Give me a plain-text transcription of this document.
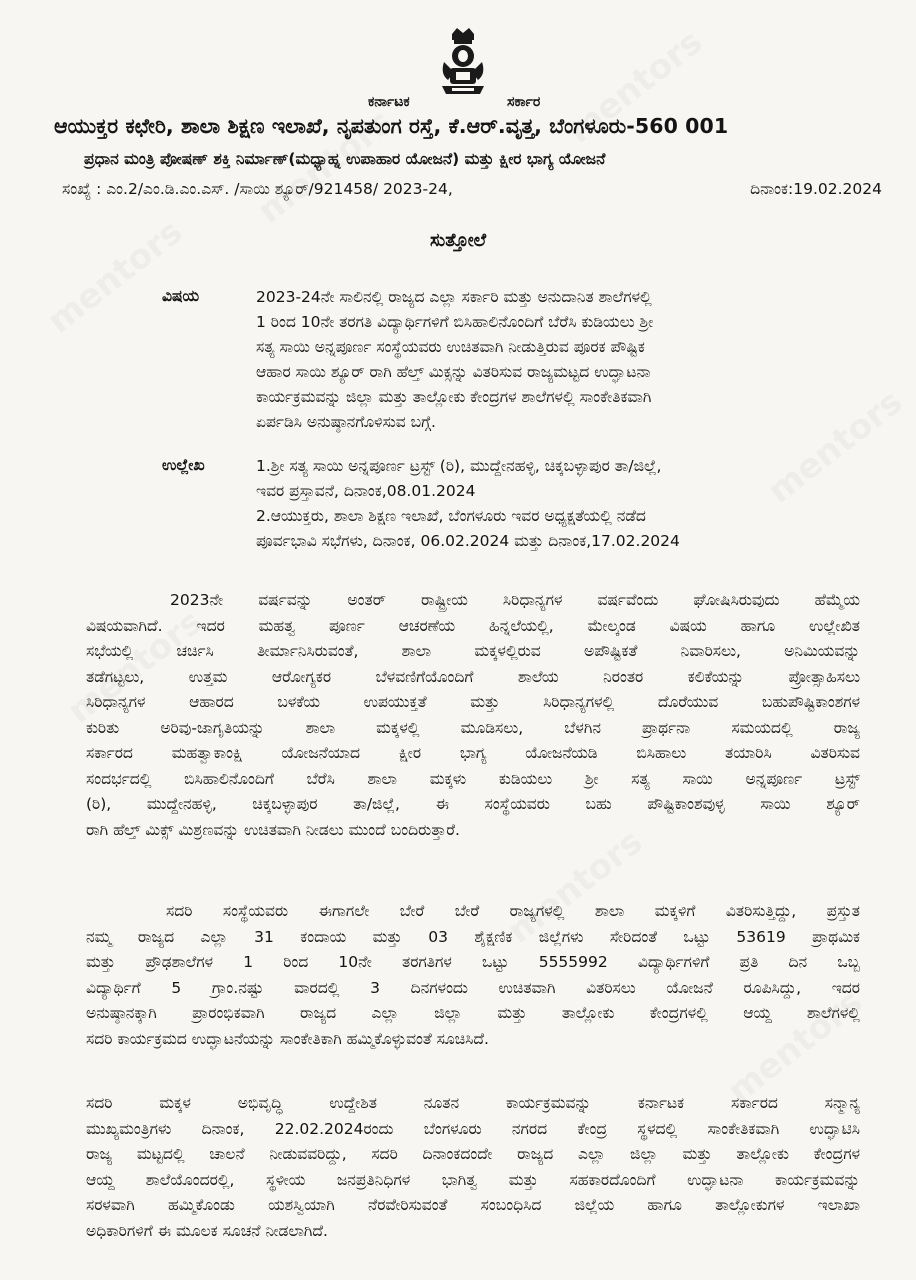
ಕರ್ನಾಟಕ	ಸರ್ಕಾರ
ಆಯುಕ್ತರ ಕಛೇರಿ, ಶಾಲಾ ಶಿಕ್ಷಣ ಇಲಾಖೆ, ನೃಪತುಂಗ ರಸ್ತೆ, ಕೆ.ಆರ್.ವೃತ್ತ, ಬೆಂಗಳೂರು-560 001
ಪ್ರಧಾನ ಮಂತ್ರಿ ಪೋಷಣ್ ಶಕ್ತಿ ನಿರ್ಮಾಣ್(ಮಧ್ಯಾಹ್ನ ಉಪಾಹಾರ ಯೋಜನೆ) ಮತ್ತು ಕ್ಷೀರ ಭಾಗ್ಯ ಯೋಜನೆ
ಸಂಖ್ಯೆ : ಎಂ.2/ಎಂ.ಡಿ.ಎಂ.ಎಸ್. /ಸಾಯಿ ಶ್ಯೂರ್/921458/ 2023-24,	ದಿನಾಂಕ:19.02.2024
ಸುತ್ತೋಲೆ
ವಿಷಯ	2023-24ನೇ ಸಾಲಿನಲ್ಲಿ ರಾಜ್ಯದ ಎಲ್ಲಾ ಸರ್ಕಾರಿ ಮತ್ತು ಅನುದಾನಿತ ಶಾಲೆಗಳಲ್ಲಿ
1 ರಿಂದ 10ನೇ ತರಗತಿ ವಿದ್ಯಾರ್ಥಿಗಳಿಗೆ ಬಿಸಿಹಾಲಿನೊಂದಿಗೆ ಬೆರೆಸಿ ಕುಡಿಯಲು ಶ್ರೀ
ಸತ್ಯ ಸಾಯಿ ಅನ್ನಪೂರ್ಣ ಸಂಸ್ಥೆಯವರು ಉಚಿತವಾಗಿ ನೀಡುತ್ತಿರುವ ಪೂರಕ ಪೌಷ್ಟಿಕ
ಆಹಾರ ಸಾಯಿ ಶ್ಯೂರ್ ರಾಗಿ ಹೆಲ್ತ್ ಮಿಕ್ಸನ್ನು ವಿತರಿಸುವ ರಾಜ್ಯಮಟ್ಟದ ಉದ್ಘಾಟನಾ
ಕಾರ್ಯಕ್ರಮವನ್ನು ಜಿಲ್ಲಾ ಮತ್ತು ತಾಲ್ಲೋಕು ಕೇಂದ್ರಗಳ ಶಾಲೆಗಳಲ್ಲಿ ಸಾಂಕೇತಿಕವಾಗಿ
ಏರ್ಪಡಿಸಿ ಅನುಷ್ಠಾನಗೊಳಿಸುವ ಬಗ್ಗೆ.
ಉಲ್ಲೇಖ	1.ಶ್ರೀ ಸತ್ಯ ಸಾಯಿ ಅನ್ನಪೂರ್ಣ ಟ್ರಸ್ಟ್ (ರಿ), ಮುದ್ದೇನಹಳ್ಳಿ, ಚಿಕ್ಕಬಳ್ಳಾಪುರ ತಾ/ಜಿಲ್ಲೆ,
ಇವರ ಪ್ರಸ್ತಾವನೆ, ದಿನಾಂಕ,08.01.2024
2.ಆಯುಕ್ತರು, ಶಾಲಾ ಶಿಕ್ಷಣ ಇಲಾಖೆ, ಬೆಂಗಳೂರು ಇವರ ಅಧ್ಯಕ್ಷತೆಯಲ್ಲಿ ನಡೆದ
ಪೂರ್ವಭಾವಿ ಸಭೆಗಳು, ದಿನಾಂಕ, 06.02.2024 ಮತ್ತು ದಿನಾಂಕ,17.02.2024
2023ನೇ ವರ್ಷವನ್ನು ಅಂತರ್ ರಾಷ್ಟ್ರೀಯ ಸಿರಿಧಾನ್ಯಗಳ ವರ್ಷವೆಂದು ಘೋಷಿಸಿರುವುದು ಹೆಮ್ಮೆಯ
ವಿಷಯವಾಗಿದೆ. ಇದರ ಮಹತ್ವ ಪೂರ್ಣ ಆಚರಣೆಯ ಹಿನ್ನಲೆಯಲ್ಲಿ, ಮೇಲ್ಕಂಡ ವಿಷಯ ಹಾಗೂ ಉಲ್ಲೇಖಿತ
ಸಭೆಯಲ್ಲಿ ಚರ್ಚಿಸಿ ತೀರ್ಮಾನಿಸಿರುವಂತೆ, ಶಾಲಾ ಮಕ್ಕಳಲ್ಲಿರುವ ಅಪೌಷ್ಟಿಕತೆ ನಿವಾರಿಸಲು, ಅನಿಮಿಯವನ್ನು
ತಡೆಗಟ್ಟಲು, ಉತ್ತಮ ಆರೋಗ್ಯಕರ ಬೆಳವಣಿಗೆಯೊಂದಿಗೆ ಶಾಲೆಯ ನಿರಂತರ ಕಲಿಕೆಯನ್ನು ಪ್ರೋತ್ಸಾಹಿಸಲು
ಸಿರಿಧಾನ್ಯಗಳ ಆಹಾರದ ಬಳಕೆಯ ಉಪಯುಕ್ತತೆ ಮತ್ತು ಸಿರಿಧಾನ್ಯಗಳಲ್ಲಿ ದೊರೆಯುವ ಬಹುಪೌಷ್ಟಿಕಾಂಶಗಳ
ಕುರಿತು ಅರಿವು-ಜಾಗೃತಿಯನ್ನು ಶಾಲಾ ಮಕ್ಕಳಲ್ಲಿ ಮೂಡಿಸಲು, ಬೆಳಗಿನ ಪ್ರಾರ್ಥನಾ ಸಮಯದಲ್ಲಿ ರಾಜ್ಯ
ಸರ್ಕಾರದ ಮಹತ್ವಾಕಾಂಕ್ಷಿ ಯೋಜನೆಯಾದ ಕ್ಷೀರ ಭಾಗ್ಯ ಯೋಜನೆಯಡಿ ಬಿಸಿಹಾಲು ತಯಾರಿಸಿ ವಿತರಿಸುವ
ಸಂದರ್ಭದಲ್ಲಿ ಬಿಸಿಹಾಲಿನೊಂದಿಗೆ ಬೆರೆಸಿ ಶಾಲಾ ಮಕ್ಕಳು ಕುಡಿಯಲು ಶ್ರೀ ಸತ್ಯ ಸಾಯಿ ಅನ್ನಪೂರ್ಣ ಟ್ರಸ್ಟ್
(ರಿ), ಮುದ್ದೇನಹಳ್ಳಿ, ಚಿಕ್ಕಬಳ್ಳಾಪುರ ತಾ/ಜಿಲ್ಲೆ, ಈ ಸಂಸ್ಥೆಯವರು ಬಹು ಪೌಷ್ಟಿಕಾಂಶವುಳ್ಳ ಸಾಯಿ ಶ್ಯೂರ್
ರಾಗಿ ಹೆಲ್ತ್ ಮಿಕ್ಸ್ ಮಿಶ್ರಣವನ್ನು ಉಚಿತವಾಗಿ ನೀಡಲು ಮುಂದೆ ಬಂದಿರುತ್ತಾರೆ.
ಸದರಿ ಸಂಸ್ಥೆಯವರು ಈಗಾಗಲೇ ಬೇರೆ ಬೇರೆ ರಾಜ್ಯಗಳಲ್ಲಿ ಶಾಲಾ ಮಕ್ಕಳಿಗೆ ವಿತರಿಸುತ್ತಿದ್ದು, ಪ್ರಸ್ತುತ
ನಮ್ಮ ರಾಜ್ಯದ ಎಲ್ಲಾ 31 ಕಂದಾಯ ಮತ್ತು 03 ಶೈಕ್ಷಣಿಕ ಜಿಲ್ಲೆಗಳು ಸೇರಿದಂತೆ ಒಟ್ಟು 53619 ಪ್ರಾಥಮಿಕ
ಮತ್ತು ಪ್ರೌಢಶಾಲೆಗಳ 1 ರಿಂದ 10ನೇ ತರಗತಿಗಳ ಒಟ್ಟು 5555992 ವಿದ್ಯಾರ್ಥಿಗಳಿಗೆ ಪ್ರತಿ ದಿನ ಒಬ್ಬ
ವಿದ್ಯಾರ್ಥಿಗೆ 5 ಗ್ರಾಂ.ನಷ್ಟು ವಾರದಲ್ಲಿ 3 ದಿನಗಳಂದು ಉಚಿತವಾಗಿ ವಿತರಿಸಲು ಯೋಜನೆ ರೂಪಿಸಿದ್ದು, ಇದರ
ಅನುಷ್ಠಾನಕ್ಕಾಗಿ ಪ್ರಾರಂಭಿಕವಾಗಿ ರಾಜ್ಯದ ಎಲ್ಲಾ ಜಿಲ್ಲಾ ಮತ್ತು ತಾಲ್ಲೋಕು ಕೇಂದ್ರಗಳಲ್ಲಿ ಆಯ್ದ ಶಾಲೆಗಳಲ್ಲಿ
ಸದರಿ ಕಾರ್ಯಕ್ರಮದ ಉದ್ಘಾಟನೆಯನ್ನು ಸಾಂಕೇತಿಕಾಗಿ ಹಮ್ಮಿಕೊಳ್ಳುವಂತೆ ಸೂಚಿಸಿದೆ.
ಸದರಿ ಮಕ್ಕಳ ಅಭಿವೃದ್ಧಿ ಉದ್ದೇಶಿತ ನೂತನ ಕಾರ್ಯಕ್ರಮವನ್ನು ಕರ್ನಾಟಕ ಸರ್ಕಾರದ ಸನ್ಮಾನ್ಯ
ಮುಖ್ಯಮಂತ್ರಿಗಳು ದಿನಾಂಕ, 22.02.2024ರಂದು ಬೆಂಗಳೂರು ನಗರದ ಕೇಂದ್ರ ಸ್ಥಳದಲ್ಲಿ ಸಾಂಕೇತಿಕವಾಗಿ ಉದ್ಘಾಟಿಸಿ
ರಾಜ್ಯ ಮಟ್ಟದಲ್ಲಿ ಚಾಲನೆ ನೀಡುವವರಿದ್ದು, ಸದರಿ ದಿನಾಂಕದಂದೇ ರಾಜ್ಯದ ಎಲ್ಲಾ ಜಿಲ್ಲಾ ಮತ್ತು ತಾಲ್ಲೋಕು ಕೇಂದ್ರಗಳ
ಆಯ್ದ ಶಾಲೆಯೊಂದರಲ್ಲಿ, ಸ್ಥಳೀಯ ಜನಪ್ರತಿನಿಧಿಗಳ ಭಾಗಿತ್ವ ಮತ್ತು ಸಹಕಾರದೊಂದಿಗೆ ಉದ್ಘಾಟನಾ ಕಾರ್ಯಕ್ರಮವನ್ನು
ಸರಳವಾಗಿ ಹಮ್ಮಿಕೊಂಡು ಯಶಸ್ವಿಯಾಗಿ ನೆರವೇರಿಸುವಂತೆ ಸಂಬಂಧಿಸಿದ ಜಿಲ್ಲೆಯ ಹಾಗೂ ತಾಲ್ಲೋಕುಗಳ ಇಲಾಖಾ
ಅಧಿಕಾರಿಗಳಿಗೆ ಈ ಮೂಲಕ ಸೂಚನೆ ನೀಡಲಾಗಿದೆ.
